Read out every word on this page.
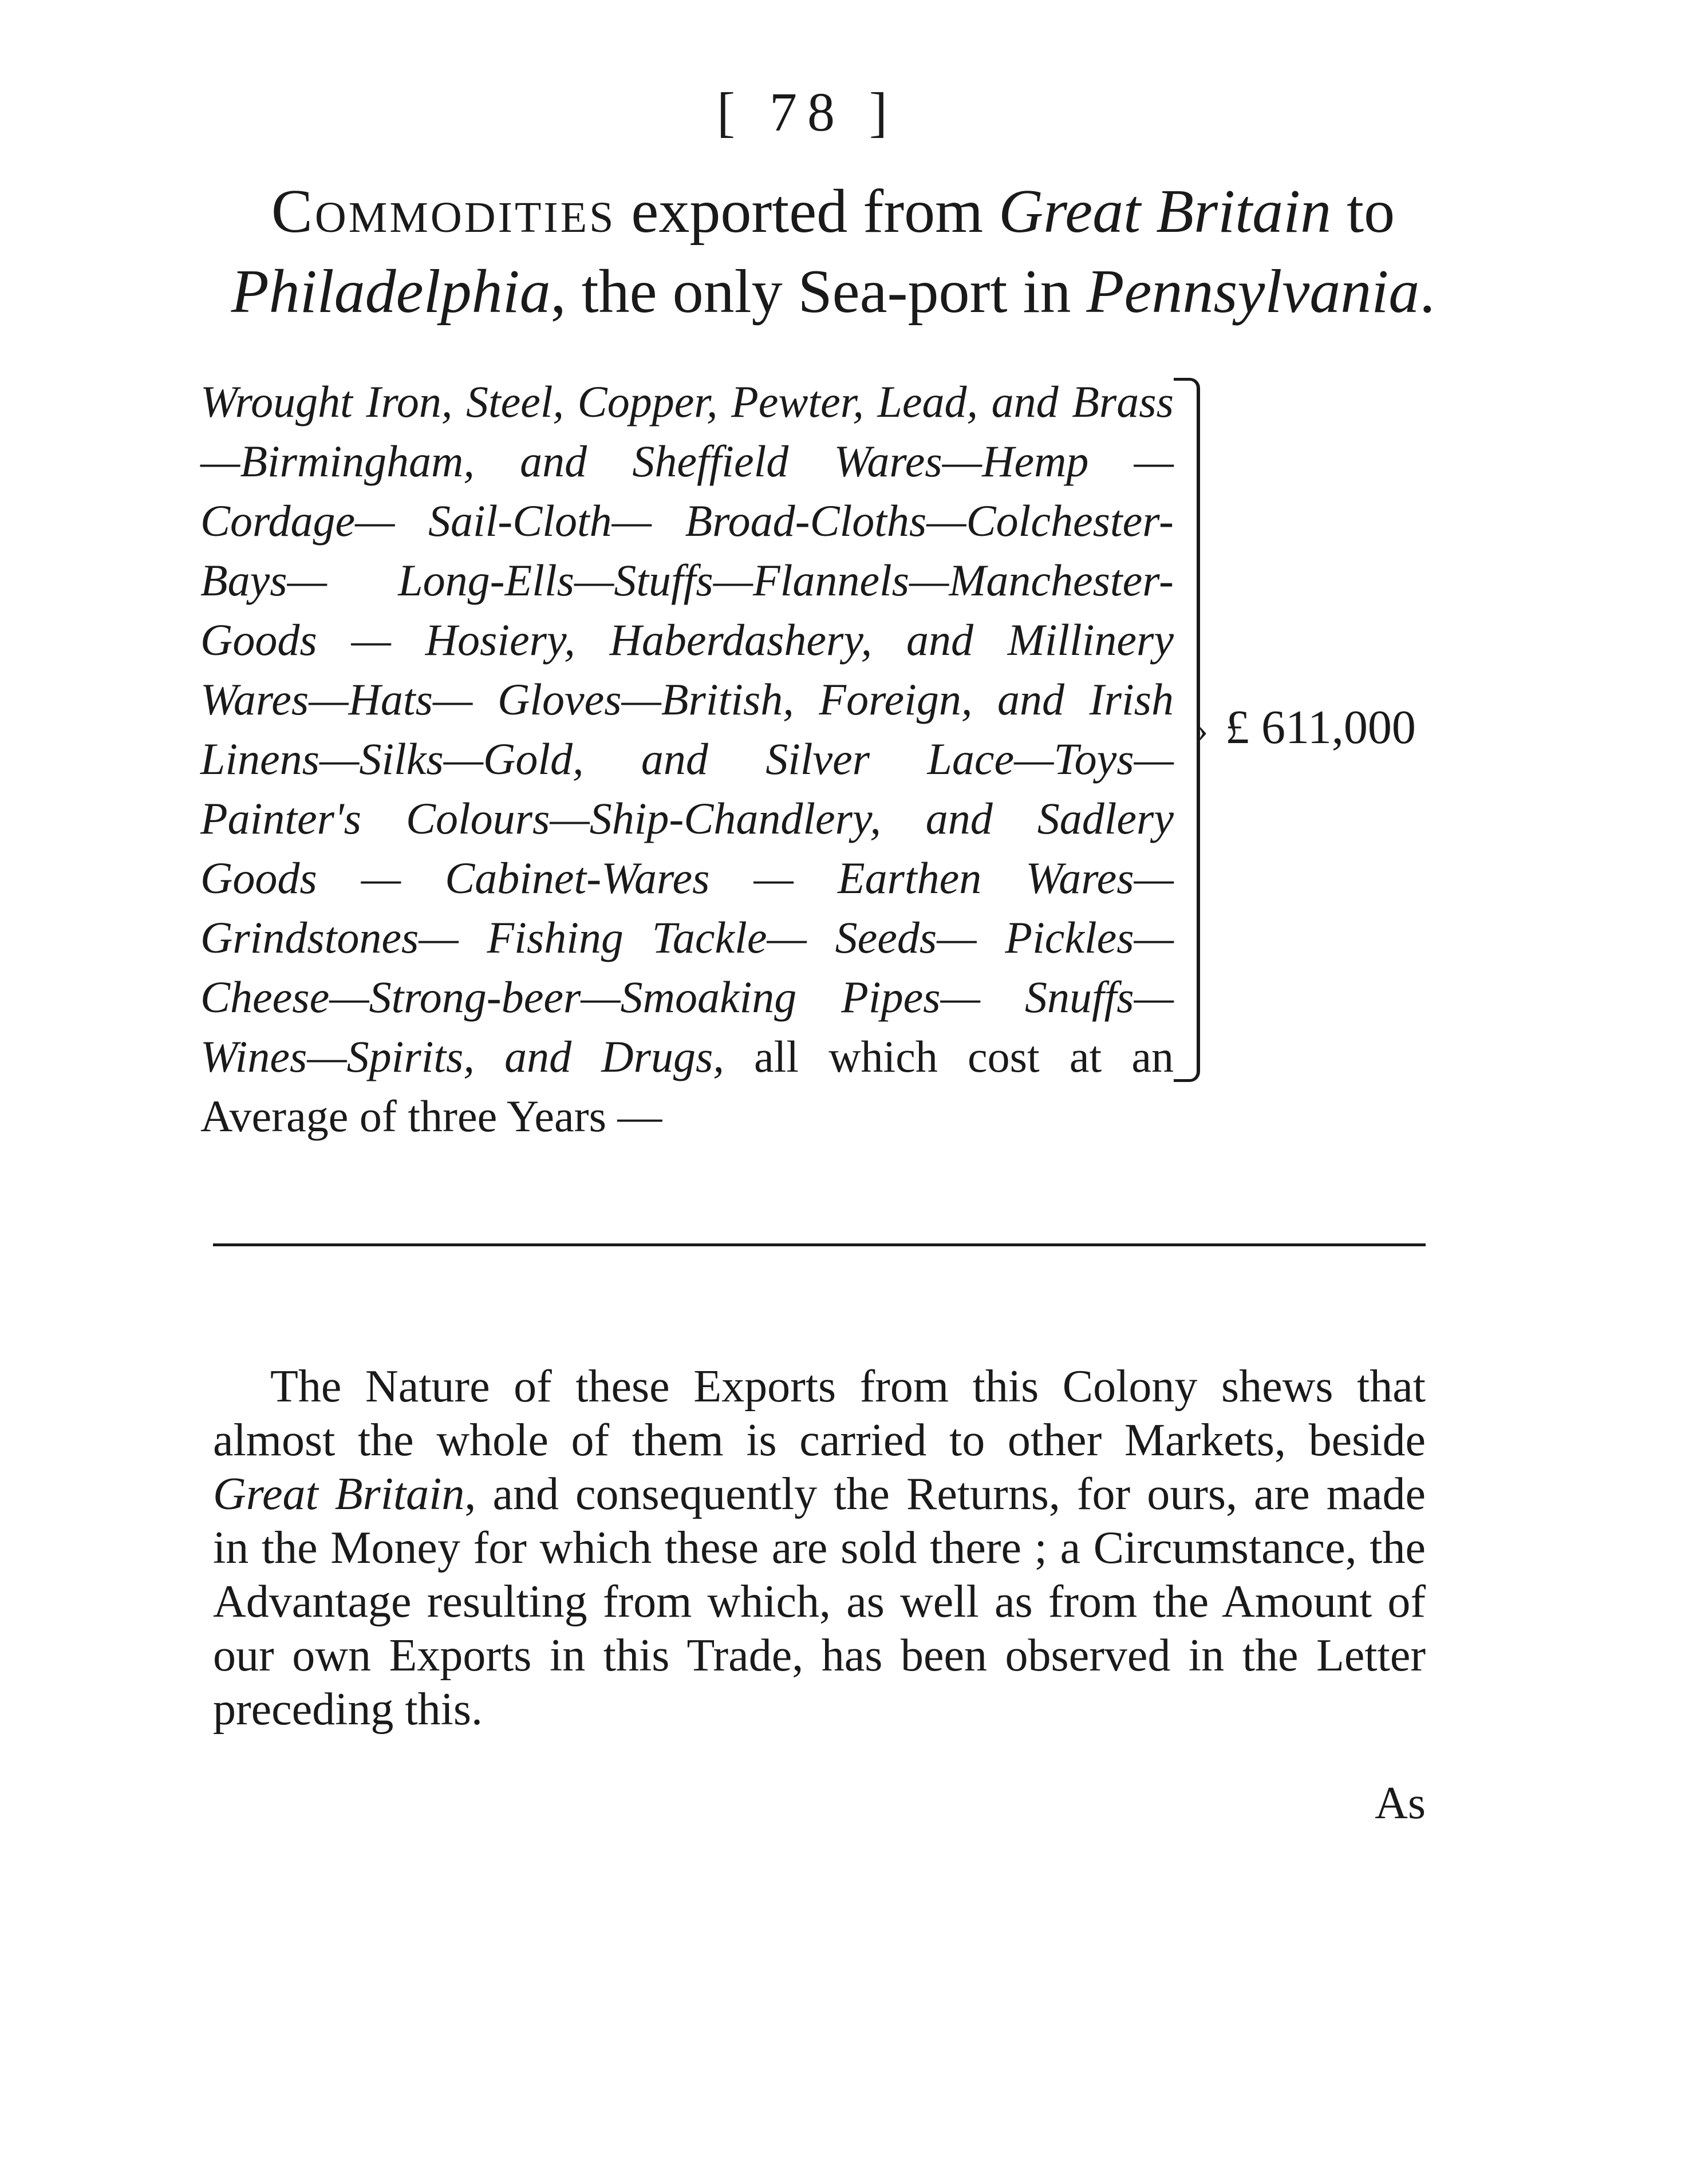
[ 78 ]
Commodities exported from Great Britain to
Philadelphia, the only Sea-port in Pennsylvania.
Wrought Iron, Steel, Copper, Pewter, Lead, and Brass—Birmingham, and Sheffield Wares—Hemp — Cordage— Sail-Cloth— Broad-Cloths—Colchester-Bays— Long-Ells—Stuffs—Flannels—Manchester-Goods — Hosiery, Haberdashery, and Millinery Wares—Hats— Gloves—British, Foreign, and Irish Linens—Silks—Gold, and Silver Lace—Toys—Painter's Colours—Ship-Chandlery, and Sadlery Goods — Cabinet-Wares — Earthen Wares— Grindstones— Fishing Tackle— Seeds— Pickles—Cheese—Strong-beer—Smoaking Pipes— Snuffs—Wines—Spirits, and Drugs, all which cost at an Average of three Years —
› £ 611,000
The Nature of these Exports from this Colony shews that almost the whole of them is carried to other Markets, beside Great Britain, and consequently the Returns, for ours, are made in the Money for which these are sold there ; a Circumstance, the Advantage resulting from which, as well as from the Amount of our own Exports in this Trade, has been observed in the Letter preceding this.
As
